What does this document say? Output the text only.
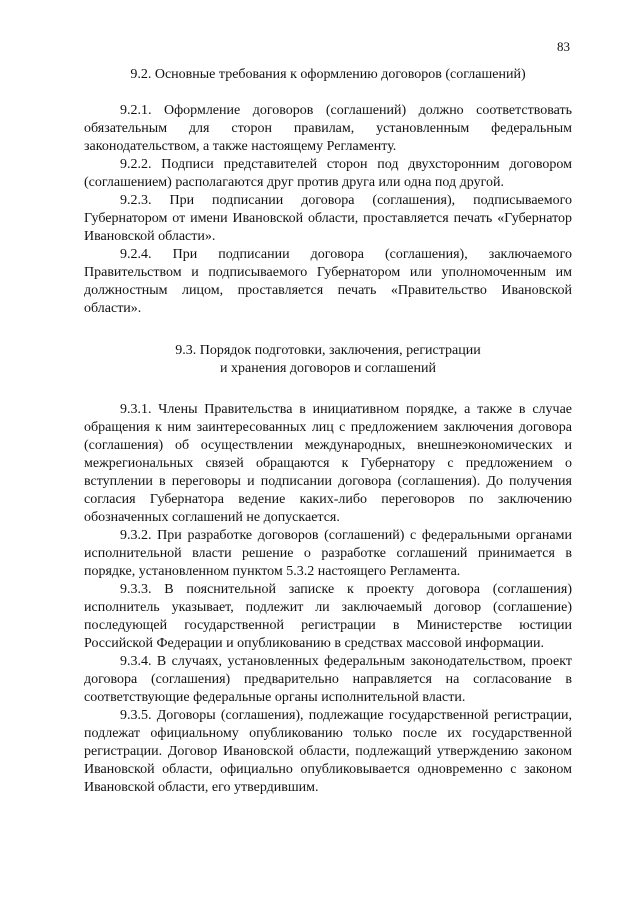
83

9.2. Основные требования к оформлению договоров (соглашений)

9.2.1. Оформление договоров (соглашений) должно соответствовать обязательным для сторон правилам, установленным федеральным законодательством, а также настоящему Регламенту.

9.2.2. Подписи представителей сторон под двухсторонним договором (соглашением) располагаются друг против друга или одна под другой.

9.2.3. При подписании договора (соглашения), подписываемого Губернатором от имени Ивановской области, проставляется печать «Губернатор Ивановской области».

9.2.4. При подписании договора (соглашения), заключаемого Правительством и подписываемого Губернатором или уполномоченным им должностным лицом, проставляется печать «Правительство Ивановской области».

9.3. Порядок подготовки, заключения, регистрации
и хранения договоров и соглашений

9.3.1. Члены Правительства в инициативном порядке, а также в случае обращения к ним заинтересованных лиц с предложением заключения договора (соглашения) об осуществлении международных, внешнеэкономических и межрегиональных связей обращаются к Губернатору с предложением о вступлении в переговоры и подписании договора (соглашения). До получения согласия Губернатора ведение каких-либо переговоров по заключению обозначенных соглашений не допускается.

9.3.2. При разработке договоров (соглашений) с федеральными органами исполнительной власти решение о разработке соглашений принимается в порядке, установленном пунктом 5.3.2 настоящего Регламента.

9.3.3. В пояснительной записке к проекту договора (соглашения) исполнитель указывает, подлежит ли заключаемый договор (соглашение) последующей государственной регистрации в Министерстве юстиции Российской Федерации и опубликованию в средствах массовой информации.

9.3.4. В случаях, установленных федеральным законодательством, проект договора (соглашения) предварительно направляется на согласование в соответствующие федеральные органы исполнительной власти.

9.3.5. Договоры (соглашения), подлежащие государственной регистрации, подлежат официальному опубликованию только после их государственной регистрации. Договор Ивановской области, подлежащий утверждению законом Ивановской области, официально опубликовывается одновременно с законом Ивановской области, его утвердившим.
